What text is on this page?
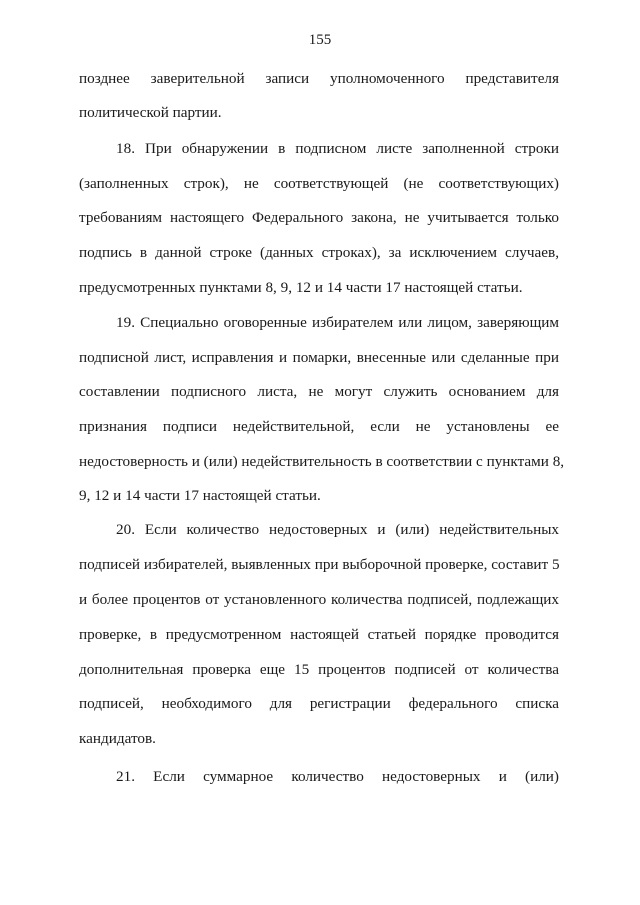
155
позднее заверительной записи уполномоченного представителя
политической партии.
18. При обнаружении в подписном листе заполненной строки
(заполненных строк), не соответствующей (не соответствующих)
требованиям настоящего Федерального закона, не учитывается только
подпись в данной строке (данных строках), за исключением случаев,
предусмотренных пунктами 8, 9, 12 и 14 части 17 настоящей статьи.
19. Специально оговоренные избирателем или лицом, заверяющим
подписной лист, исправления и помарки, внесенные или сделанные при
составлении подписного листа, не могут служить основанием для
признания подписи недействительной, если не установлены ее
недостоверность и (или) недействительность в соответствии с пунктами 8,
9, 12 и 14 части 17 настоящей статьи.
20. Если количество недостоверных и (или) недействительных
подписей избирателей, выявленных при выборочной проверке, составит 5
и более процентов от установленного количества подписей, подлежащих
проверке, в предусмотренном настоящей статьей порядке проводится
дополнительная проверка еще 15 процентов подписей от количества
подписей, необходимого для регистрации федерального списка
кандидатов.
21. Если суммарное количество недостоверных и (или)
